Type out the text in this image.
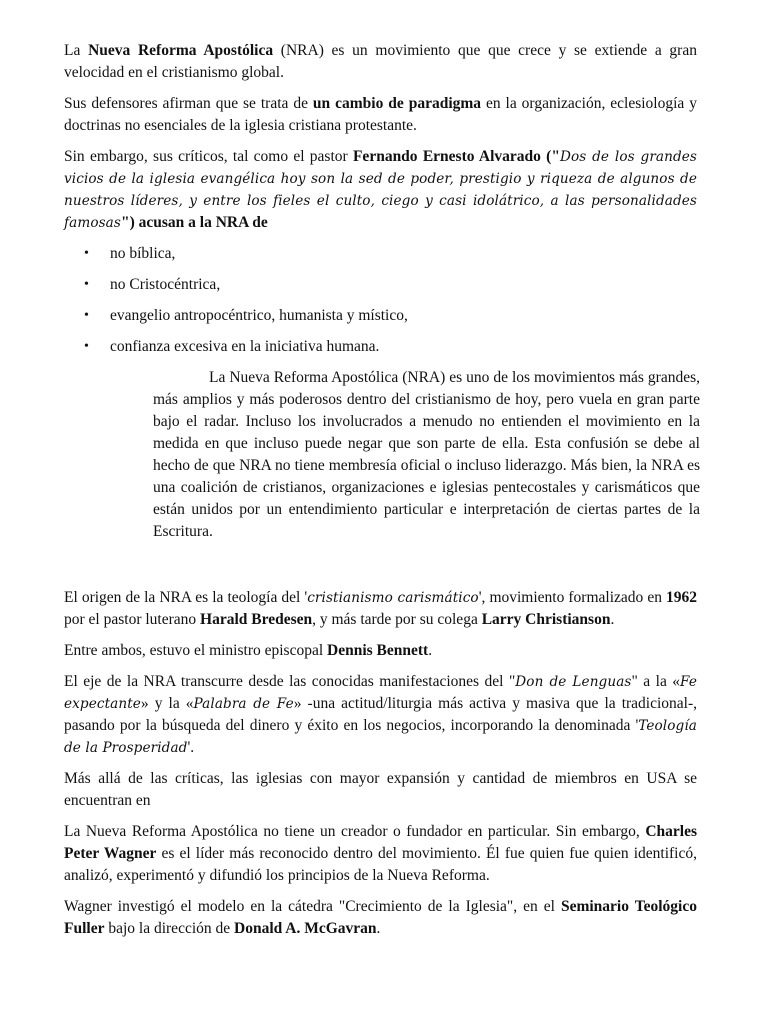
La Nueva Reforma Apostólica (NRA) es un movimiento que que crece y se extiende a gran velocidad en el cristianismo global.

Sus defensores afirman que se trata de un cambio de paradigma en la organización, eclesiología y doctrinas no esenciales de la iglesia cristiana protestante.

Sin embargo, sus críticos, tal como el pastor Fernando Ernesto Alvarado ("Dos de los grandes vicios de la iglesia evangélica hoy son la sed de poder, prestigio y riqueza de algunos de nuestros líderes, y entre los fieles el culto, ciego y casi idolátrico, a las personalidades famosas") acusan a la NRA de

• no bíblica,
• no Cristocéntrica,
• evangelio antropocéntrico, humanista y místico,
• confianza excesiva en la iniciativa humana.

La Nueva Reforma Apostólica (NRA) es uno de los movimientos más grandes, más amplios y más poderosos dentro del cristianismo de hoy, pero vuela en gran parte bajo el radar. Incluso los involucrados a menudo no entienden el movimiento en la medida en que incluso puede negar que son parte de ella. Esta confusión se debe al hecho de que NRA no tiene membresía oficial o incluso liderazgo. Más bien, la NRA es una coalición de cristianos, organizaciones e iglesias pentecostales y carismáticos que están unidos por un entendimiento particular e interpretación de ciertas partes de la Escritura.

El origen de la NRA es la teología del 'cristianismo carismático', movimiento formalizado en 1962 por el pastor luterano Harald Bredesen, y más tarde por su colega Larry Christianson.

Entre ambos, estuvo el ministro episcopal Dennis Bennett.

El eje de la NRA transcurre desde las conocidas manifestaciones del "Don de Lenguas" a la «Fe expectante» y la «Palabra de Fe» -una actitud/liturgia más activa y masiva que la tradicional-, pasando por la búsqueda del dinero y éxito en los negocios, incorporando la denominada 'Teología de la Prosperidad'.

Más allá de las críticas, las iglesias con mayor expansión y cantidad de miembros en USA se encuentran en

La Nueva Reforma Apostólica no tiene un creador o fundador en particular. Sin embargo, Charles Peter Wagner es el líder más reconocido dentro del movimiento. Él fue quien fue quien identificó, analizó, experimentó y difundió los principios de la Nueva Reforma.

Wagner investigó el modelo en la cátedra "Crecimiento de la Iglesia", en el Seminario Teológico Fuller bajo la dirección de Donald A. McGavran.
